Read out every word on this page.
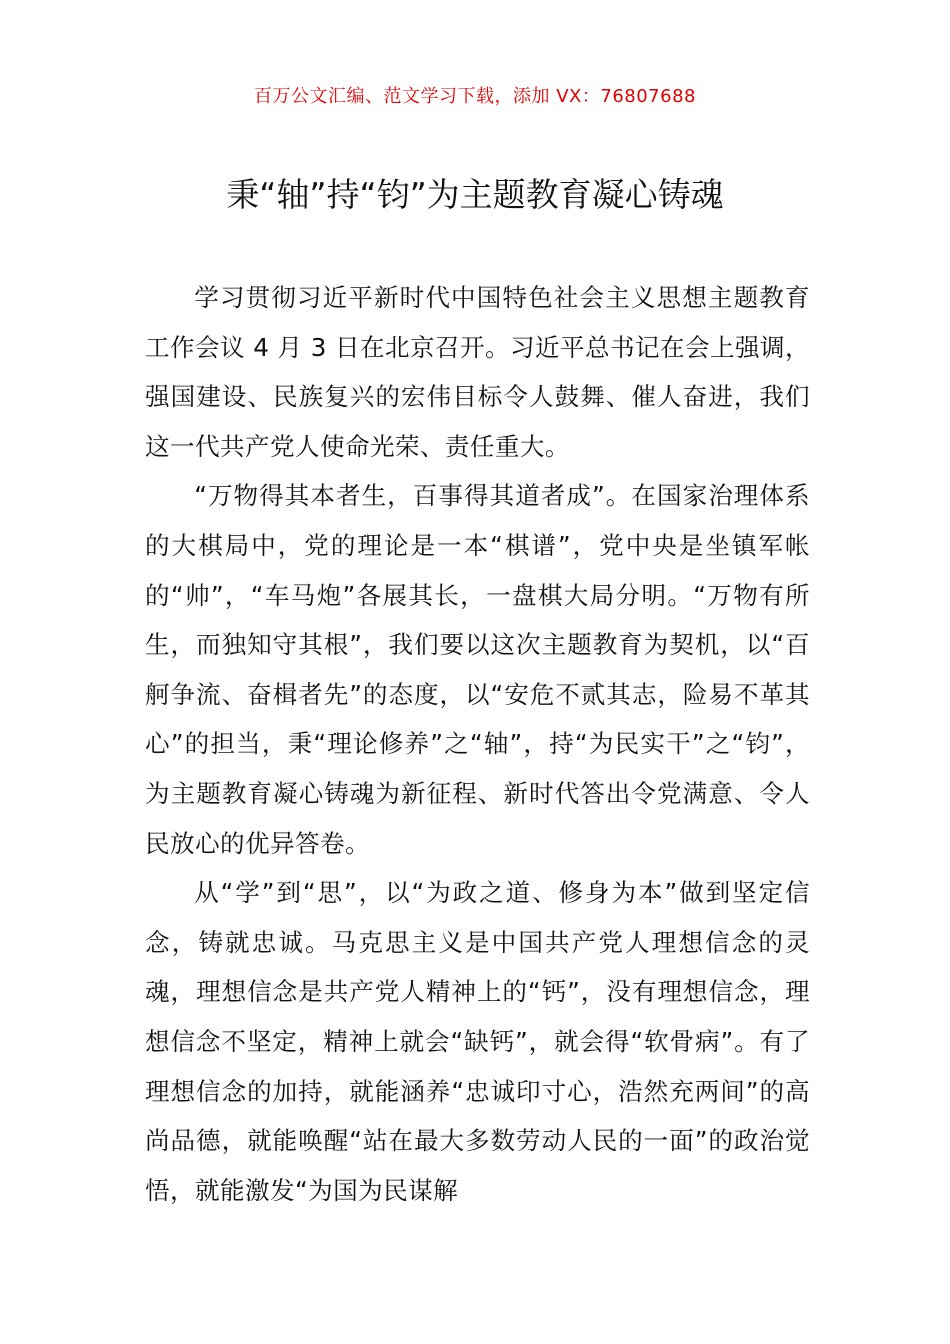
百万公文汇编、范文学习下载，添加 VX：76807688
秉“轴”持“钧”为主题教育凝心铸魂

学习贯彻习近平新时代中国特色社会主义思想主题教育工作会议 4 月 3 日在北京召开。习近平总书记在会上强调，强国建设、民族复兴的宏伟目标令人鼓舞、催人奋进，我们这一代共产党人使命光荣、责任重大。

“万物得其本者生，百事得其道者成”。在国家治理体系的大棋局中，党的理论是一本“棋谱”，党中央是坐镇军帐的“帅”，“车马炮”各展其长，一盘棋大局分明。“万物有所生，而独知守其根”，我们要以这次主题教育为契机，以“百舸争流、奋楫者先”的态度，以“安危不贰其志，险易不革其心”的担当，秉“理论修养”之“轴”，持“为民实干”之“钧”，为主题教育凝心铸魂为新征程、新时代答出令党满意、令人民放心的优异答卷。

从“学”到“思”，以“为政之道、修身为本”做到坚定信念，铸就忠诚。马克思主义是中国共产党人理想信念的灵魂，理想信念是共产党人精神上的“钙”，没有理想信念，理想信念不坚定，精神上就会“缺钙”，就会得“软骨病”。有了理想信念的加持，就能涵养“忠诚印寸心，浩然充两间”的高尚品德，就能唤醒“站在最大多数劳动人民的一面”的政治觉悟，就能激发“为国为民谋解
